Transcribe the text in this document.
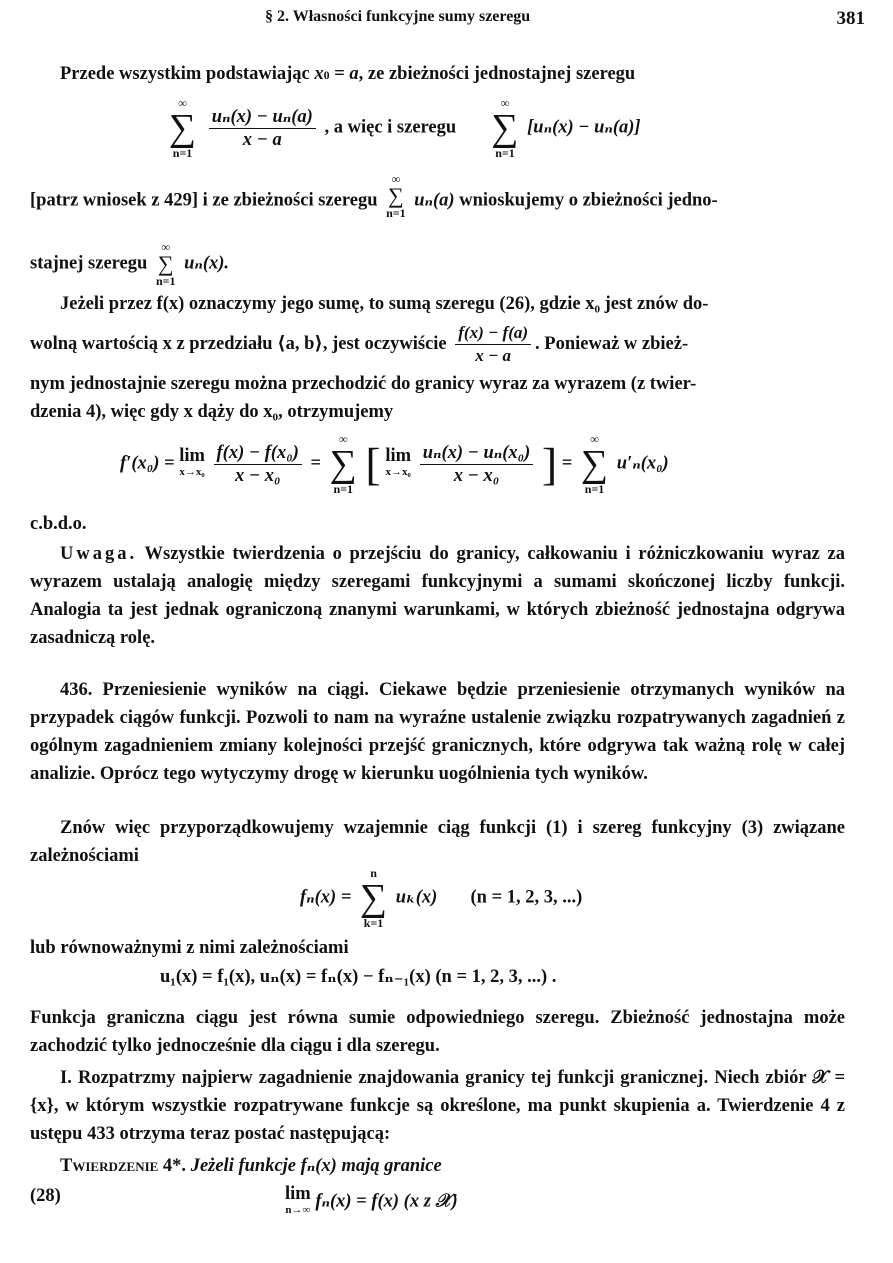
§ 2. Własności funkcyjne sumy szeregu	381
Przede wszystkim podstawiając x0 = a, ze zbieżności jednostajnej szeregu
∞
∑
n=1

$\frac{\text{uₙ(x) − uₙ(a)}}{x - a}$ , a więc i szeregu
∞
∑
n=1
[uₙ(x) − uₙ(a)]
[patrz wniosek z 429] i ze zbieżności szeregu
∞
∑
n=1
uₙ(a) wnioskujemy o zbieżności jedno-
stajnej szeregu
∞
∑
n=1
uₙ(x).
Jeżeli przez f(x) oznaczymy jego sumę, to sumą szeregu (26), gdzie x₀ jest znów do-
wolną wartością x z przedziału ⟨a, b⟩, jest oczywiście $\frac{f(x) - f(a)}{x - a}$ . Ponieważ w zbież-
nym jednostajnie szeregu można przechodzić do granicy wyraz za wyrazem (z twier-
dzenia 4), więc gdy x dąży do x₀, otrzymujemy
f′(x₀) = lim
x→x₀
$\frac{\text{f(x) − f(x₀)}}{\text{x − x₀}}$ =
∞
∑
n=1 [ lim
x→x₀
$\frac{\text{uₙ(x) − uₙ(x₀)}}{\text{x − x₀}}$ ] =
∞
∑
n=1
u′ₙ(x₀)
c.b.d.o.
Uwaga. Wszystkie twierdzenia o przejściu do granicy, całkowaniu i różniczkowaniu wyraz za wyrazem ustalają analogię między szeregami funkcyjnymi a sumami skończonej liczby funkcji. Analogia ta jest jednak ograniczoną znanymi warunkami, w których zbieżność jednostajna odgrywa zasadniczą rolę.
436. Przeniesienie wyników na ciągi. Ciekawe będzie przeniesienie otrzymanych wyników na przypadek ciągów funkcji. Pozwoli to nam na wyraźne ustalenie związku rozpatrywanych zagadnień z ogólnym zagadnieniem zmiany kolejności przejść granicznych, które odgrywa tak ważną rolę w całej analizie. Oprócz tego wytyczymy drogę w kierunku uogólnienia tych wyników.
Znów więc przyporządkowujemy wzajemnie ciąg funkcji (1) i szereg funkcyjny (3) związane zależnościami
fₙ(x) =
n
∑
k=1
uₖ(x) (n = 1, 2, 3, ...)
lub równoważnymi z nimi zależnościami
u₁(x) = f₁(x), uₙ(x) = fₙ(x) − fₙ₋₁(x) (n = 1, 2, 3, ...) .
Funkcja graniczna ciągu jest równa sumie odpowiedniego szeregu. Zbieżność jednostajna może zachodzić tylko jednocześnie dla ciągu i dla szeregu.
I. Rozpatrzmy najpierw zagadnienie znajdowania granicy tej funkcji granicznej. Niech zbiór 𝒳 = {x}, w którym wszystkie rozpatrywane funkcje są określone, ma punkt skupienia a. Twierdzenie 4 z ustępu 433 otrzyma teraz postać następującą:
Twierdzenie 4*. Jeżeli funkcje fₙ(x) mają granice
(28)	lim
n→∞ fₙ(x) = f(x) (x z 𝒳)
